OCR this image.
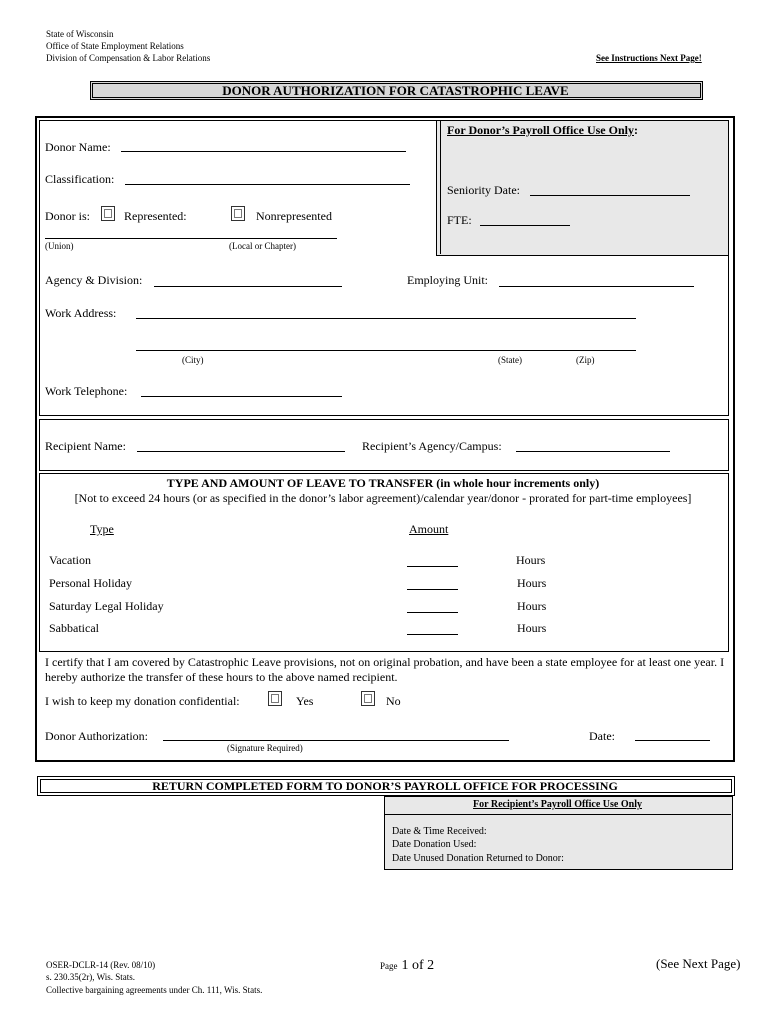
State of Wisconsin
Office of State Employment Relations
Division of Compensation & Labor Relations	See Instructions Next Page!
DONOR AUTHORIZATION FOR CATASTROPHIC LEAVE
For Donor’s Payroll Office Use Only:
Seniority Date:
FTE:
Donor Name:
Classification:
Donor is:	Represented:	Nonrepresented
(Union)	(Local or Chapter)
Agency & Division:	Employing Unit:
Work Address:
(City)	(State)	(Zip)
Work Telephone:
Recipient Name:	Recipient’s Agency/Campus:
TYPE AND AMOUNT OF LEAVE TO TRANSFER (in whole hour increments only)
[Not to exceed 24 hours (or as specified in the donor’s labor agreement)/calendar year/donor - prorated for part-time employees]
Type	Amount
Vacation	Hours
Personal Holiday	Hours
Saturday Legal Holiday	Hours
Sabbatical	Hours
I certify that I am covered by Catastrophic Leave provisions, not on original probation, and have been a state employee for at least one year. I hereby authorize the transfer of these hours to the above named recipient.
I wish to keep my donation confidential:	Yes	No
Donor Authorization:
(Signature Required)
Date:
RETURN COMPLETED FORM TO DONOR’S PAYROLL OFFICE FOR PROCESSING
For Recipient’s Payroll Office Use Only
Date & Time Received:
Date Donation Used:
Date Unused Donation Returned to Donor:
OSER-DCLR-14 (Rev. 08/10)
s. 230.35(2r), Wis. Stats.
Collective bargaining agreements under Ch. 111, Wis. Stats.
Page 1 of 2	(See Next Page)
